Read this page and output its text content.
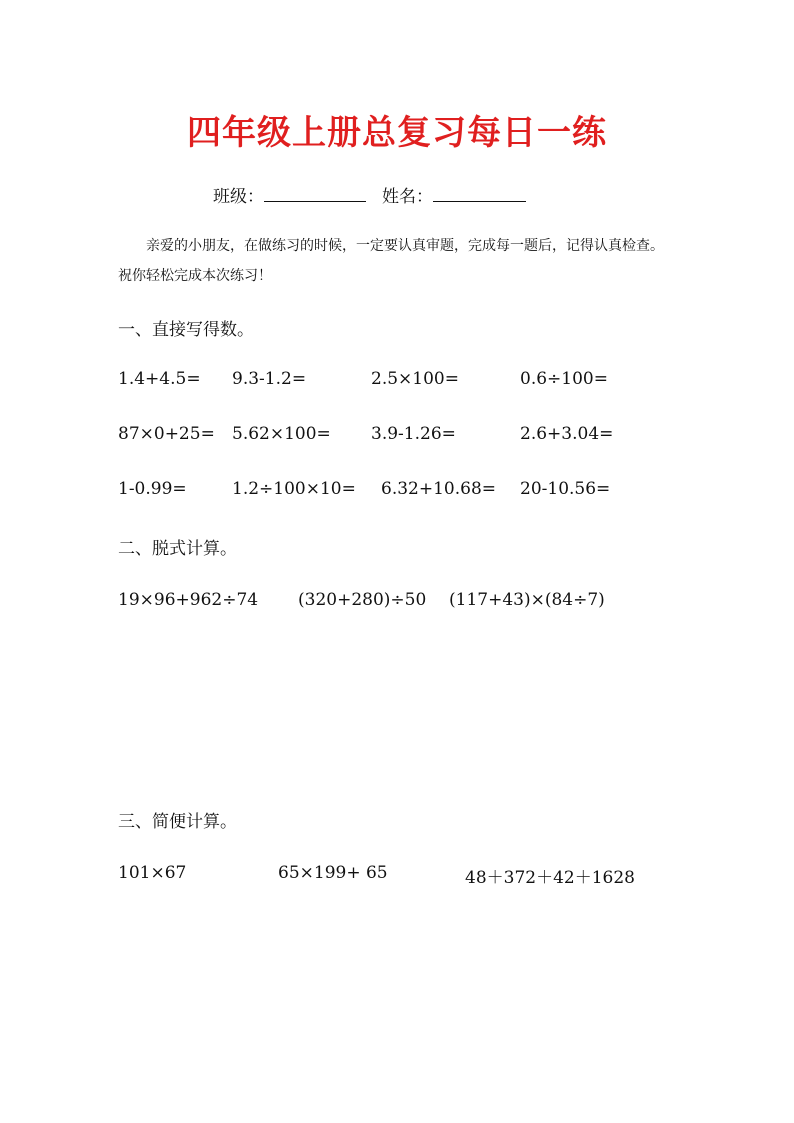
四年级上册总复习每日一练
班级：	姓名：
亲爱的小朋友，在做练习的时候，一定要认真审题，完成每一题后，记得认真检查。
祝你轻松完成本次练习！
一、直接写得数。
1.4+4.5= 9.3-1.2=	2.5×100=	0.6÷100=
87×0+25= 5.62×100= 3.9-1.26=	2.6+3.04=
1-0.99=	1.2÷100×10= 6.32+10.68= 20-10.56=
二、脱式计算。
19×96+962÷74 (320+280)÷50 (117+43)×(84÷7)
三、简便计算。
101×67	65×199+ 65	48＋372＋42＋1628
